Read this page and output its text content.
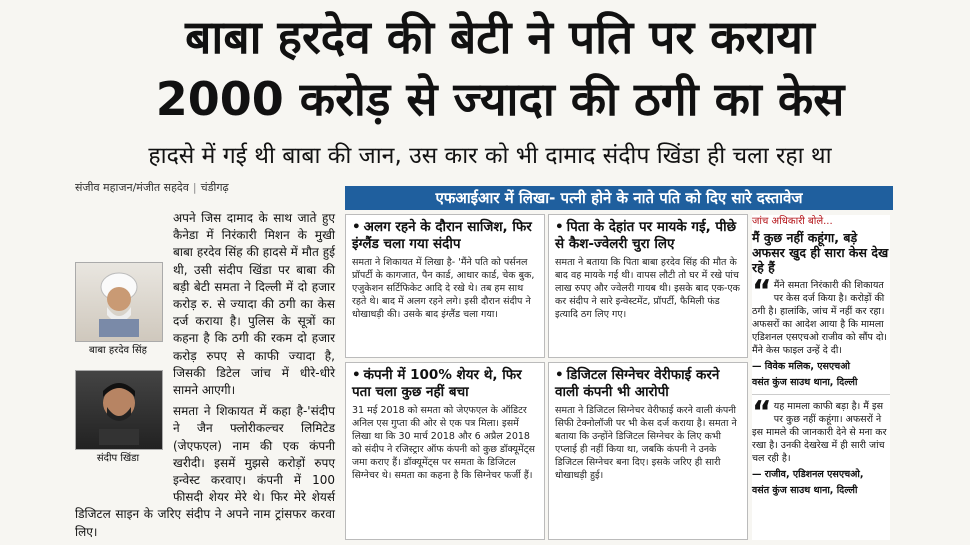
बाबा हरदेव की बेटी ने पति पर कराया
2000 करोड़ से ज्यादा की ठगी का केस
हादसे में गई थी बाबा की जान, उस कार को भी दामाद संदीप खिंडा ही चला रहा था
संजीव महाजन/मंजीत सहदेव | चंडीगढ़
अपने जिस दामाद के साथ जाते हुए कैनेडा में निरंकारी मिशन के मुखी बाबा हरदेव सिंह की हादसे में मौत हुई थी, उसी संदीप खिंडा पर बाबा की बड़ी बेटी समता ने दिल्ली में दो हजार करोड़ रु. से ज्यादा की ठगी का केस दर्ज कराया है। पुलिस के सूत्रों का कहना है कि ठगी की रकम दो हजार करोड़ रुपए से काफी ज्यादा है, जिसकी डिटेल जांच में धीरे-धीरे सामने आएगी।
समता ने शिकायत में कहा है-'संदीप ने जैन फ्लोरीकल्चर लिमिटेड (जेएफएल) नाम की एक कंपनी खरीदी। इसमें मुझसे करोड़ों रुपए इन्वेस्ट करवाए। कंपनी में 100 फीसदी शेयर मेरे थे। फिर मेरे शेयर्स डिजिटल साइन के जरिए संदीप ने अपने नाम ट्रांसफर करवा लिए।
बाबा हरदेव सिंह
संदीप खिंडा
एफआईआर में लिखा- पत्नी होने के नाते पति को दिए सारे दस्तावेज
• अलग रहने के दौरान साजिश, फिर इंग्लैंड चला गया संदीप

समता ने शिकायत में लिखा है- 'मैंने पति को पर्सनल प्रॉपर्टी के कागजात, पैन कार्ड, आधार कार्ड, चेक बुक, एजुकेशन सर्टिफिकेट आदि दे रखे थे। तब हम साथ रहते थे। बाद में अलग रहने लगे। इसी दौरान संदीप ने धोखाधड़ी की। उसके बाद इंग्लैंड चला गया।

• पिता के देहांत पर मायके गई, पीछे से कैश-ज्वेलरी चुरा लिए

समता ने बताया कि पिता बाबा हरदेव सिंह की मौत के बाद वह मायके गई थी। वापस लौटी तो घर में रखे पांच लाख रुपए और ज्वेलरी गायब थी। इसके बाद एक-एक कर संदीप ने सारे इन्वेस्टमेंट, प्रॉपर्टी, फैमिली फंड इत्यादि ठग लिए गए।

• कंपनी में 100% शेयर थे, फिर पता चला कुछ नहीं बचा

31 मई 2018 को समता को जेएफएल के ऑडिटर अनिल एस गुप्ता की ओर से एक पत्र मिला। इसमें लिखा था कि 30 मार्च 2018 और 6 अप्रैल 2018 को संदीप ने रजिस्ट्रार ऑफ कंपनी को कुछ डॉक्यूमेंट्स जमा कराए हैं। डॉक्यूमेंट्स पर समता के डिजिटल सिग्नेचर थे। समता का कहना है कि सिग्नेचर फर्जी हैं।

• डिजिटल सिग्नेचर वेरीफाई करने वाली कंपनी भी आरोपी

समता ने डिजिटल सिग्नेचर वेरीफाई करने वाली कंपनी सिफी टेक्नोलॉजी पर भी केस दर्ज कराया है। समता ने बताया कि उन्होंने डिजिटल सिग्नेचर के लिए कभी एप्लाई ही नहीं किया था, जबकि कंपनी ने उनके डिजिटल सिग्नेचर बना दिए। इसके जरिए ही सारी धोखाधड़ी हुई।

जांच अधिकारी बोले...
मैं कुछ नहीं कहूंगा, बड़े अफसर खुद ही सारा केस देख रहे हैं
“ मैंने समता निरंकारी की शिकायत पर केस दर्ज किया है। करोड़ों की ठगी है। हालांकि, जांच में नहीं कर रहा। अफसरों का आदेश आया है कि मामला एडिशनल एसएचओ राजीव को सौंप दो। मैंने केस फाइल उन्हें दे दी।
— विवेक मलिक, एसएचओ
वसंत कुंज साउथ थाना, दिल्ली
“ यह मामला काफी बड़ा है। मैं इस पर कुछ नहीं कहूंगा। अफसरों ने इस मामले की जानकारी देने से मना कर रखा है। उनकी देखरेख में ही सारी जांच चल रही है।
— राजीव, एडिशनल एसएचओ,
वसंत कुंज साउथ थाना, दिल्ली
